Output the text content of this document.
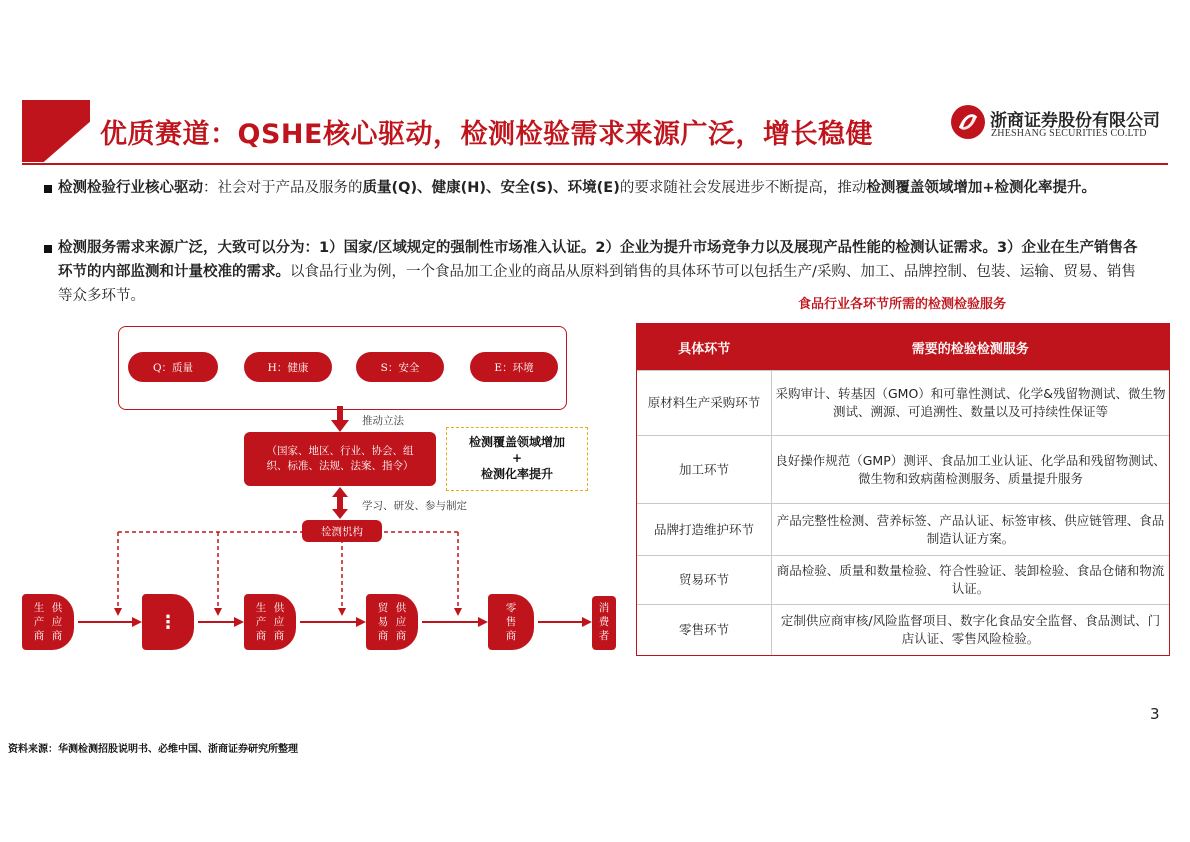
优质赛道：QSHE核心驱动，检测检验需求来源广泛，增长稳健	浙商证券股份有限公司
ZHESHANG SECURITIES CO.LTD
检测检验行业核心驱动：社会对于产品及服务的质量(Q)、健康(H)、安全(S)、环境(E)的要求随社会发展进步不断提高，推动检测覆盖领域增加+检测化率提升。
检测服务需求来源广泛，大致可以分为：1）国家/区域规定的强制性市场准入认证。2）企业为提升市场竞争力以及展现产品性能的检测认证需求。3）企业在生产销售各环节的内部监测和计量校准的需求。以食品行业为例，一个食品加工企业的商品从原料到销售的具体环节可以包括生产/采购、加工、品牌控制、包装、运输、贸易、销售等众多环节。
Q：质量	H：健康	S：安全	E：环境
推动立法
（国家、地区、行业、协会、组
织、标准、法规、法案、指令）
检测覆盖领域增加
+
检测化率提升
学习、研发、参与制定
检测机构
生产商
供应商
⋮
生产商
供应商
贸易商
供应商
零售商
消费者
食品行业各环节所需的检测检验服务
具体环节	需要的检验检测服务
原材料生产采购环节	采购审计、转基因（GMO）和可靠性测试、化学&残留物测试、微生物测试、溯源、可追溯性、数量以及可持续性保证等
加工环节	良好操作规范（GMP）测评、食品加工业认证、化学品和残留物测试、微生物和致病菌检测服务、质量提升服务
品牌打造维护环节	产品完整性检测、营养标签、产品认证、标签审核、供应链管理、食品制造认证方案。
贸易环节	商品检验、质量和数量检验、符合性验证、装卸检验、食品仓储和物流认证。
零售环节	定制供应商审核/风险监督项目、数字化食品安全监督、食品测试、门店认证、零售风险检验。
3
资料来源：华测检测招股说明书、必维中国、浙商证券研究所整理
